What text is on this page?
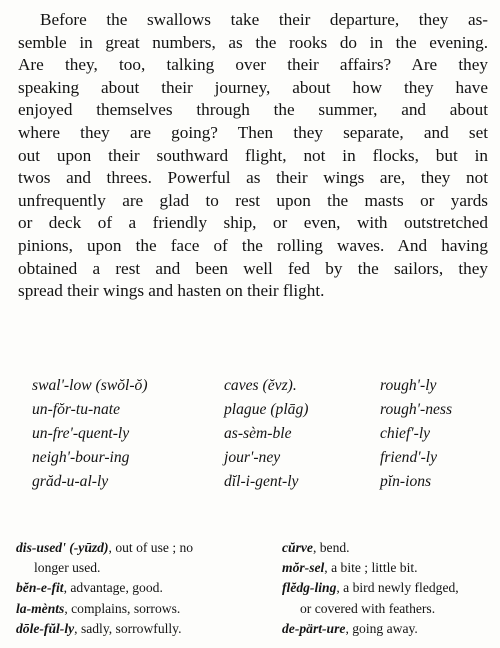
Before the swallows take their departure, they as-
semble in great numbers, as the rooks do in the evening.
Are they, too, talking over their affairs? Are they
speaking about their journey, about how they have
enjoyed themselves through the summer, and about
where they are going? Then they separate, and set
out upon their southward flight, not in flocks, but in
twos and threes. Powerful as their wings are, they not
unfrequently are glad to rest upon the masts or yards
or deck of a friendly ship, or even, with outstretched
pinions, upon the face of the rolling waves. And having
obtained a rest and been well fed by the sailors, they
spread their wings and hasten on their flight.
swal'-low (swŏl-ŏ)
un-fŏr-tu-nate
un-fre'-quent-ly
neigh'-bour-ing
grăd-u-al-ly
caves (ĕvz).
plague (plāg)
as-sèm-ble
jour'-ney
dĭl-i-gent-ly
rough'-ly
rough'-ness
chief'-ly
friend'-ly
pĭn-ions
dis-used' (-yūzd), out of use ; no
longer used.
bĕn-e-fit, advantage, good.
la-mènts, complains, sorrows.
dōle-fŭl-ly, sadly, sorrowfully.
cŭrve, bend.
mŏr-sel, a bite ; little bit.
flĕdg-ling, a bird newly fledged,
or covered with feathers.
de-pärt-ure, going away.
